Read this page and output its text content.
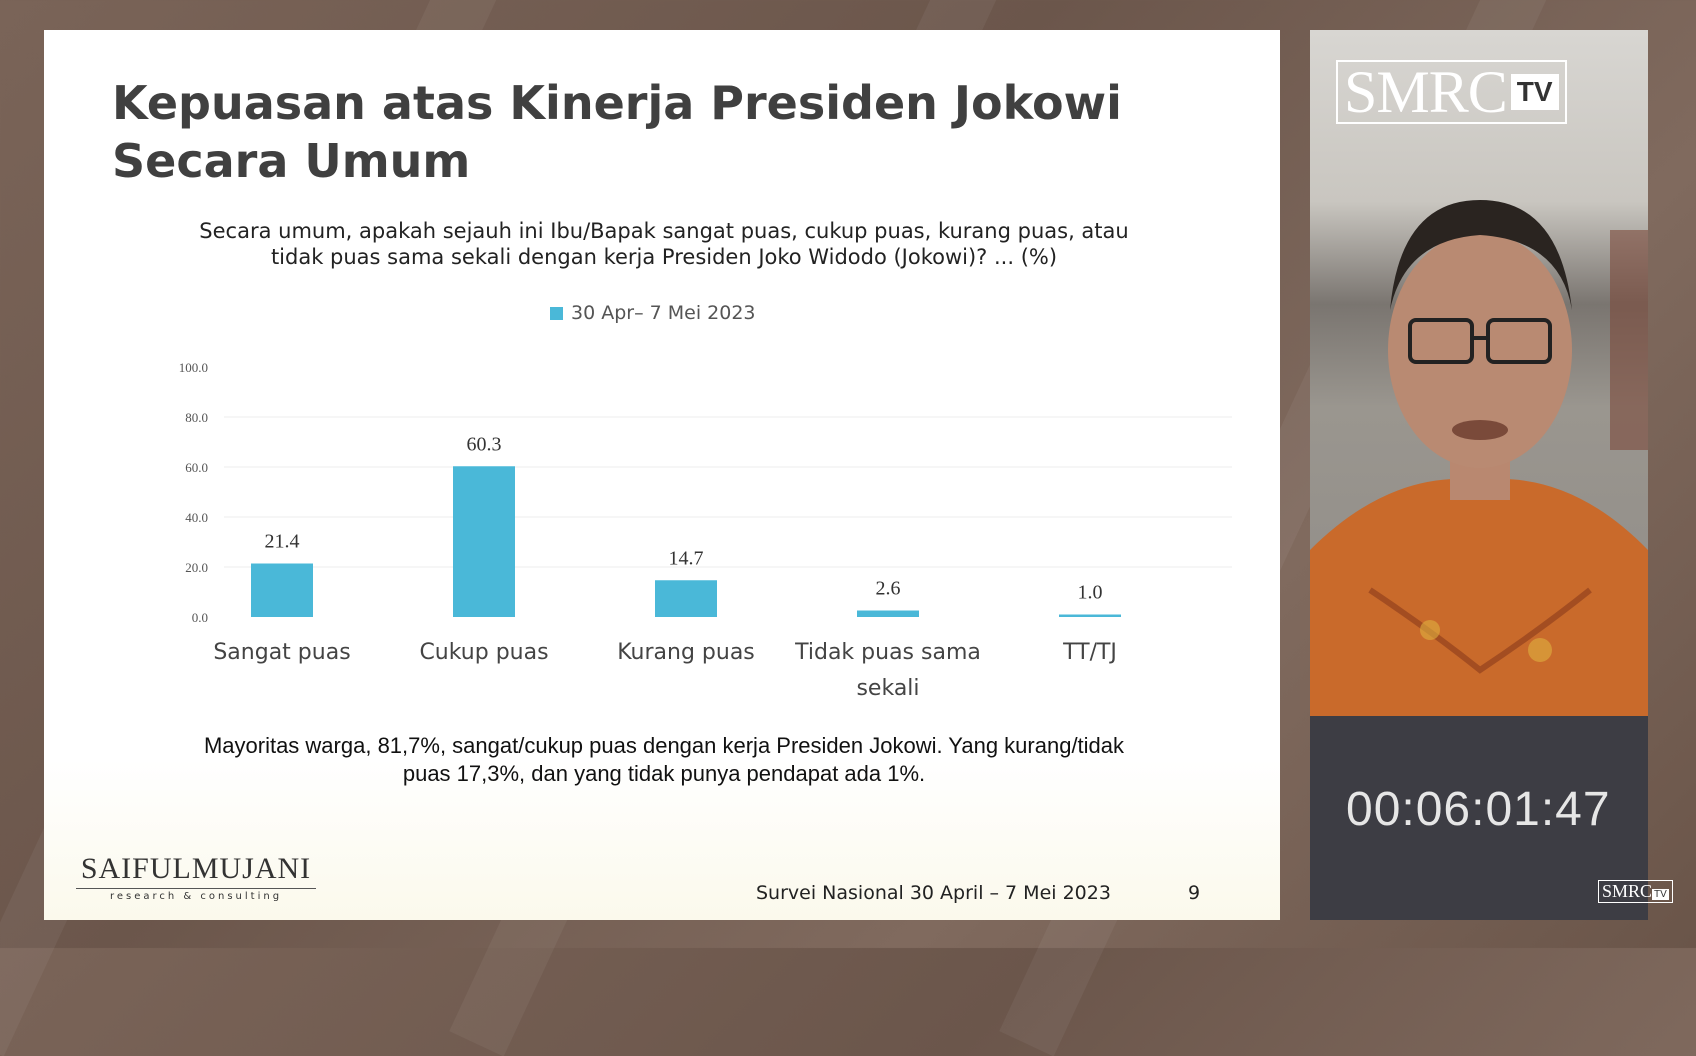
Kepuasan atas Kinerja Presiden Jokowi
Secara Umum
Secara umum, apakah sejauh ini Ibu/Bapak sangat puas, cukup puas, kurang puas, atau
tidak puas sama sekali dengan kerja Presiden Joko Widodo (Jokowi)? ... (%)
30 Apr– 7 Mei 2023
0.0
20.0
40.0
60.0
80.0
100.0
21.4
60.3
14.7
2.6	1.0
Sangat puas	Cukup puas	Kurang puas Tidak puas sama
sekali
TT/TJ
Mayoritas warga, 81,7%, sangat/cukup puas dengan kerja Presiden Jokowi. Yang kurang/tidak
puas 17,3%, dan yang tidak punya pendapat ada 1%.
SAIFULMUJANI
research & consulting	Survei Nasional 30 April – 7 Mei 2023	9
SMRC TV
00:06:01:47
SMRC TV
